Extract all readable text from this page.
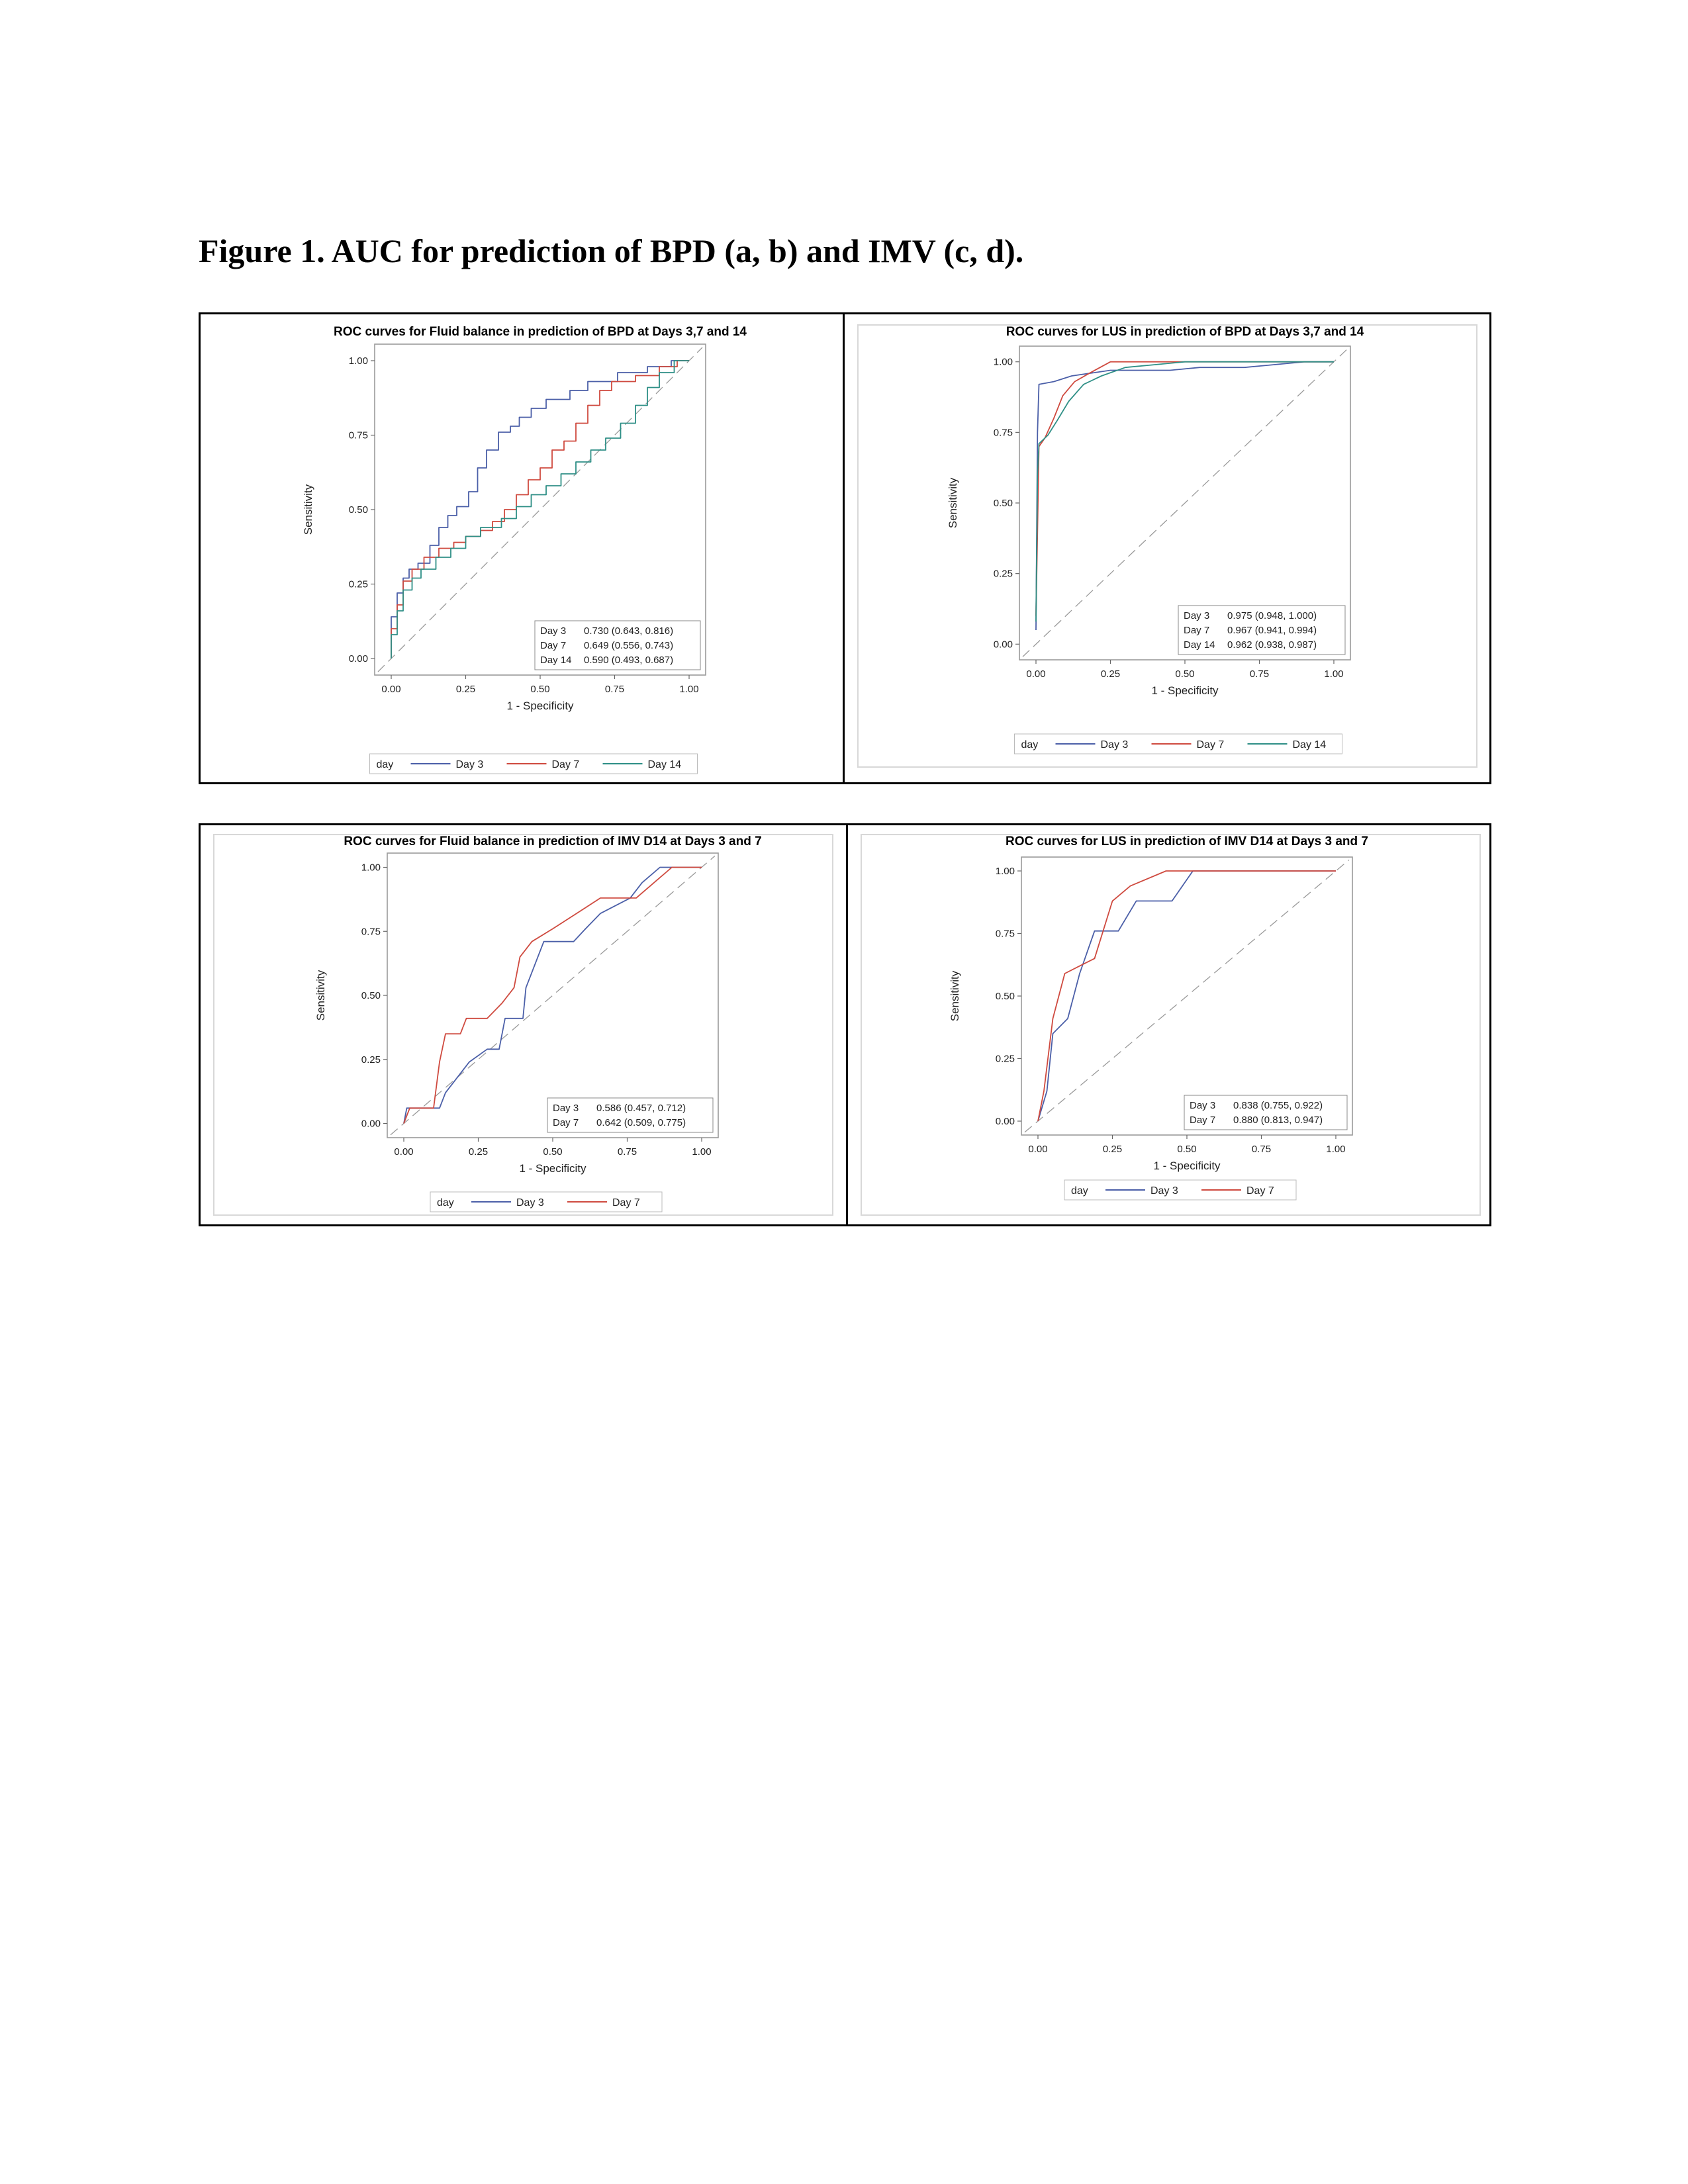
Figure 1. AUC for prediction of BPD (a, b) and IMV (c, d).
ROC curves for Fluid balance in prediction of BPD at Days 3,7 and 14
0.00	0.25	0.50	0.75	1.00
0.00
0.25
0.50
0.75
1.00
1 - Specificity
Sensitivity
Day 3 0.730 (0.643, 0.816)
Day 7 0.649 (0.556, 0.743)
Day 14 0.590 (0.493, 0.687)
day	Day 3	Day 7	Day 14
ROC curves for LUS in prediction of BPD at Days 3,7 and 14
0.00	0.25	0.50	0.75	1.00
0.00
0.25
0.50
0.75
1.00
1 - Specificity
Sensitivity
Day 3 0.975 (0.948, 1.000)
Day 7 0.967 (0.941, 0.994)
Day 14 0.962 (0.938, 0.987)
day	Day 3	Day 7	Day 14
ROC curves for Fluid balance in prediction of IMV D14 at Days 3 and 7
0.00	0.25	0.50	0.75	1.00
0.00
0.25
0.50
0.75
1.00
1 - Specificity
Sensitivity
Day 3 0.586 (0.457, 0.712)
Day 7 0.642 (0.509, 0.775)
day	Day 3	Day 7
ROC curves for LUS in prediction of IMV D14 at Days 3 and 7
0.00	0.25	0.50	0.75	1.00
0.00
0.25
0.50
0.75
1.00
1 - Specificity
Sensitivity
Day 3 0.838 (0.755, 0.922)
Day 7 0.880 (0.813, 0.947)
day	Day 3	Day 7
